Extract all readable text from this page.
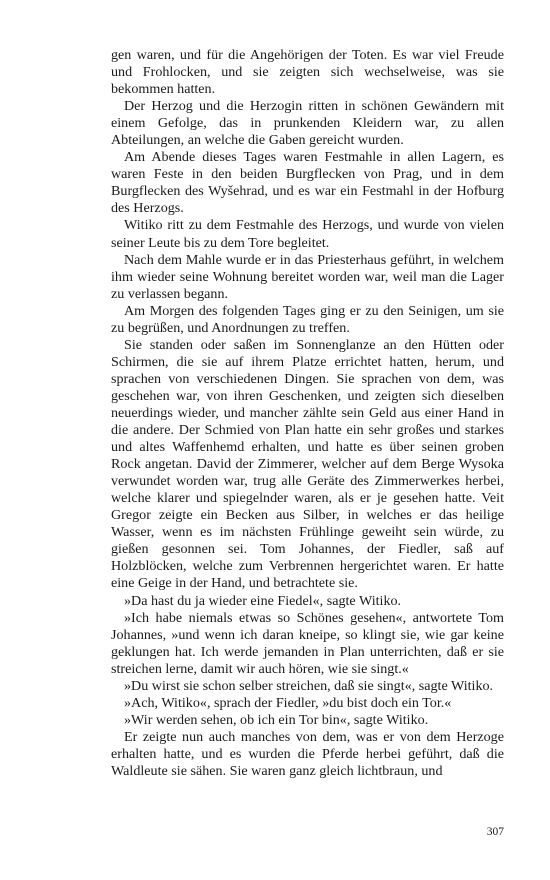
gen waren, und für die Angehörigen der Toten. Es war viel Freude und Frohlocken, und sie zeigten sich wechselweise, was sie bekommen hatten.

Der Herzog und die Herzogin ritten in schönen Gewändern mit einem Gefolge, das in prunkenden Kleidern war, zu allen Abteilungen, an welche die Gaben gereicht wurden.

Am Abende dieses Tages waren Festmahle in allen Lagern, es waren Feste in den beiden Burgflecken von Prag, und in dem Burgflecken des Wyšehrad, und es war ein Festmahl in der Hofburg des Herzogs.

Witiko ritt zu dem Festmahle des Herzogs, und wurde von vielen seiner Leute bis zu dem Tore begleitet.

Nach dem Mahle wurde er in das Priesterhaus geführt, in welchem ihm wieder seine Wohnung bereitet worden war, weil man die Lager zu verlassen begann.

Am Morgen des folgenden Tages ging er zu den Seinigen, um sie zu begrüßen, und Anordnungen zu treffen.

Sie standen oder saßen im Sonnenglanze an den Hütten oder Schirmen, die sie auf ihrem Platze errichtet hatten, herum, und sprachen von verschiedenen Dingen. Sie sprachen von dem, was geschehen war, von ihren Geschenken, und zeigten sich dieselben neuerdings wieder, und mancher zählte sein Geld aus einer Hand in die andere. Der Schmied von Plan hatte ein sehr großes und starkes und altes Waffenhemd erhalten, und hatte es über seinen groben Rock angetan. David der Zimmerer, welcher auf dem Berge Wysoka verwundet worden war, trug alle Geräte des Zimmerwerkes herbei, welche klarer und spiegelnder waren, als er je gesehen hatte. Veit Gregor zeigte ein Becken aus Silber, in welches er das heilige Wasser, wenn es im nächsten Frühlinge geweiht sein würde, zu gießen gesonnen sei. Tom Johannes, der Fiedler, saß auf Holzblöcken, welche zum Verbrennen hergerichtet waren. Er hatte eine Geige in der Hand, und betrachtete sie.

»Da hast du ja wieder eine Fiedel«, sagte Witiko.

»Ich habe niemals etwas so Schönes gesehen«, antwortete Tom Johannes, »und wenn ich daran kneipe, so klingt sie, wie gar keine geklungen hat. Ich werde jemanden in Plan unterrichten, daß er sie streichen lerne, damit wir auch hören, wie sie singt.«

»Du wirst sie schon selber streichen, daß sie singt«, sagte Witiko.

»Ach, Witiko«, sprach der Fiedler, »du bist doch ein Tor.«

»Wir werden sehen, ob ich ein Tor bin«, sagte Witiko.

Er zeigte nun auch manches von dem, was er von dem Herzoge erhalten hatte, und es wurden die Pferde herbei geführt, daß die Waldleute sie sähen. Sie waren ganz gleich lichtbraun, und

307
